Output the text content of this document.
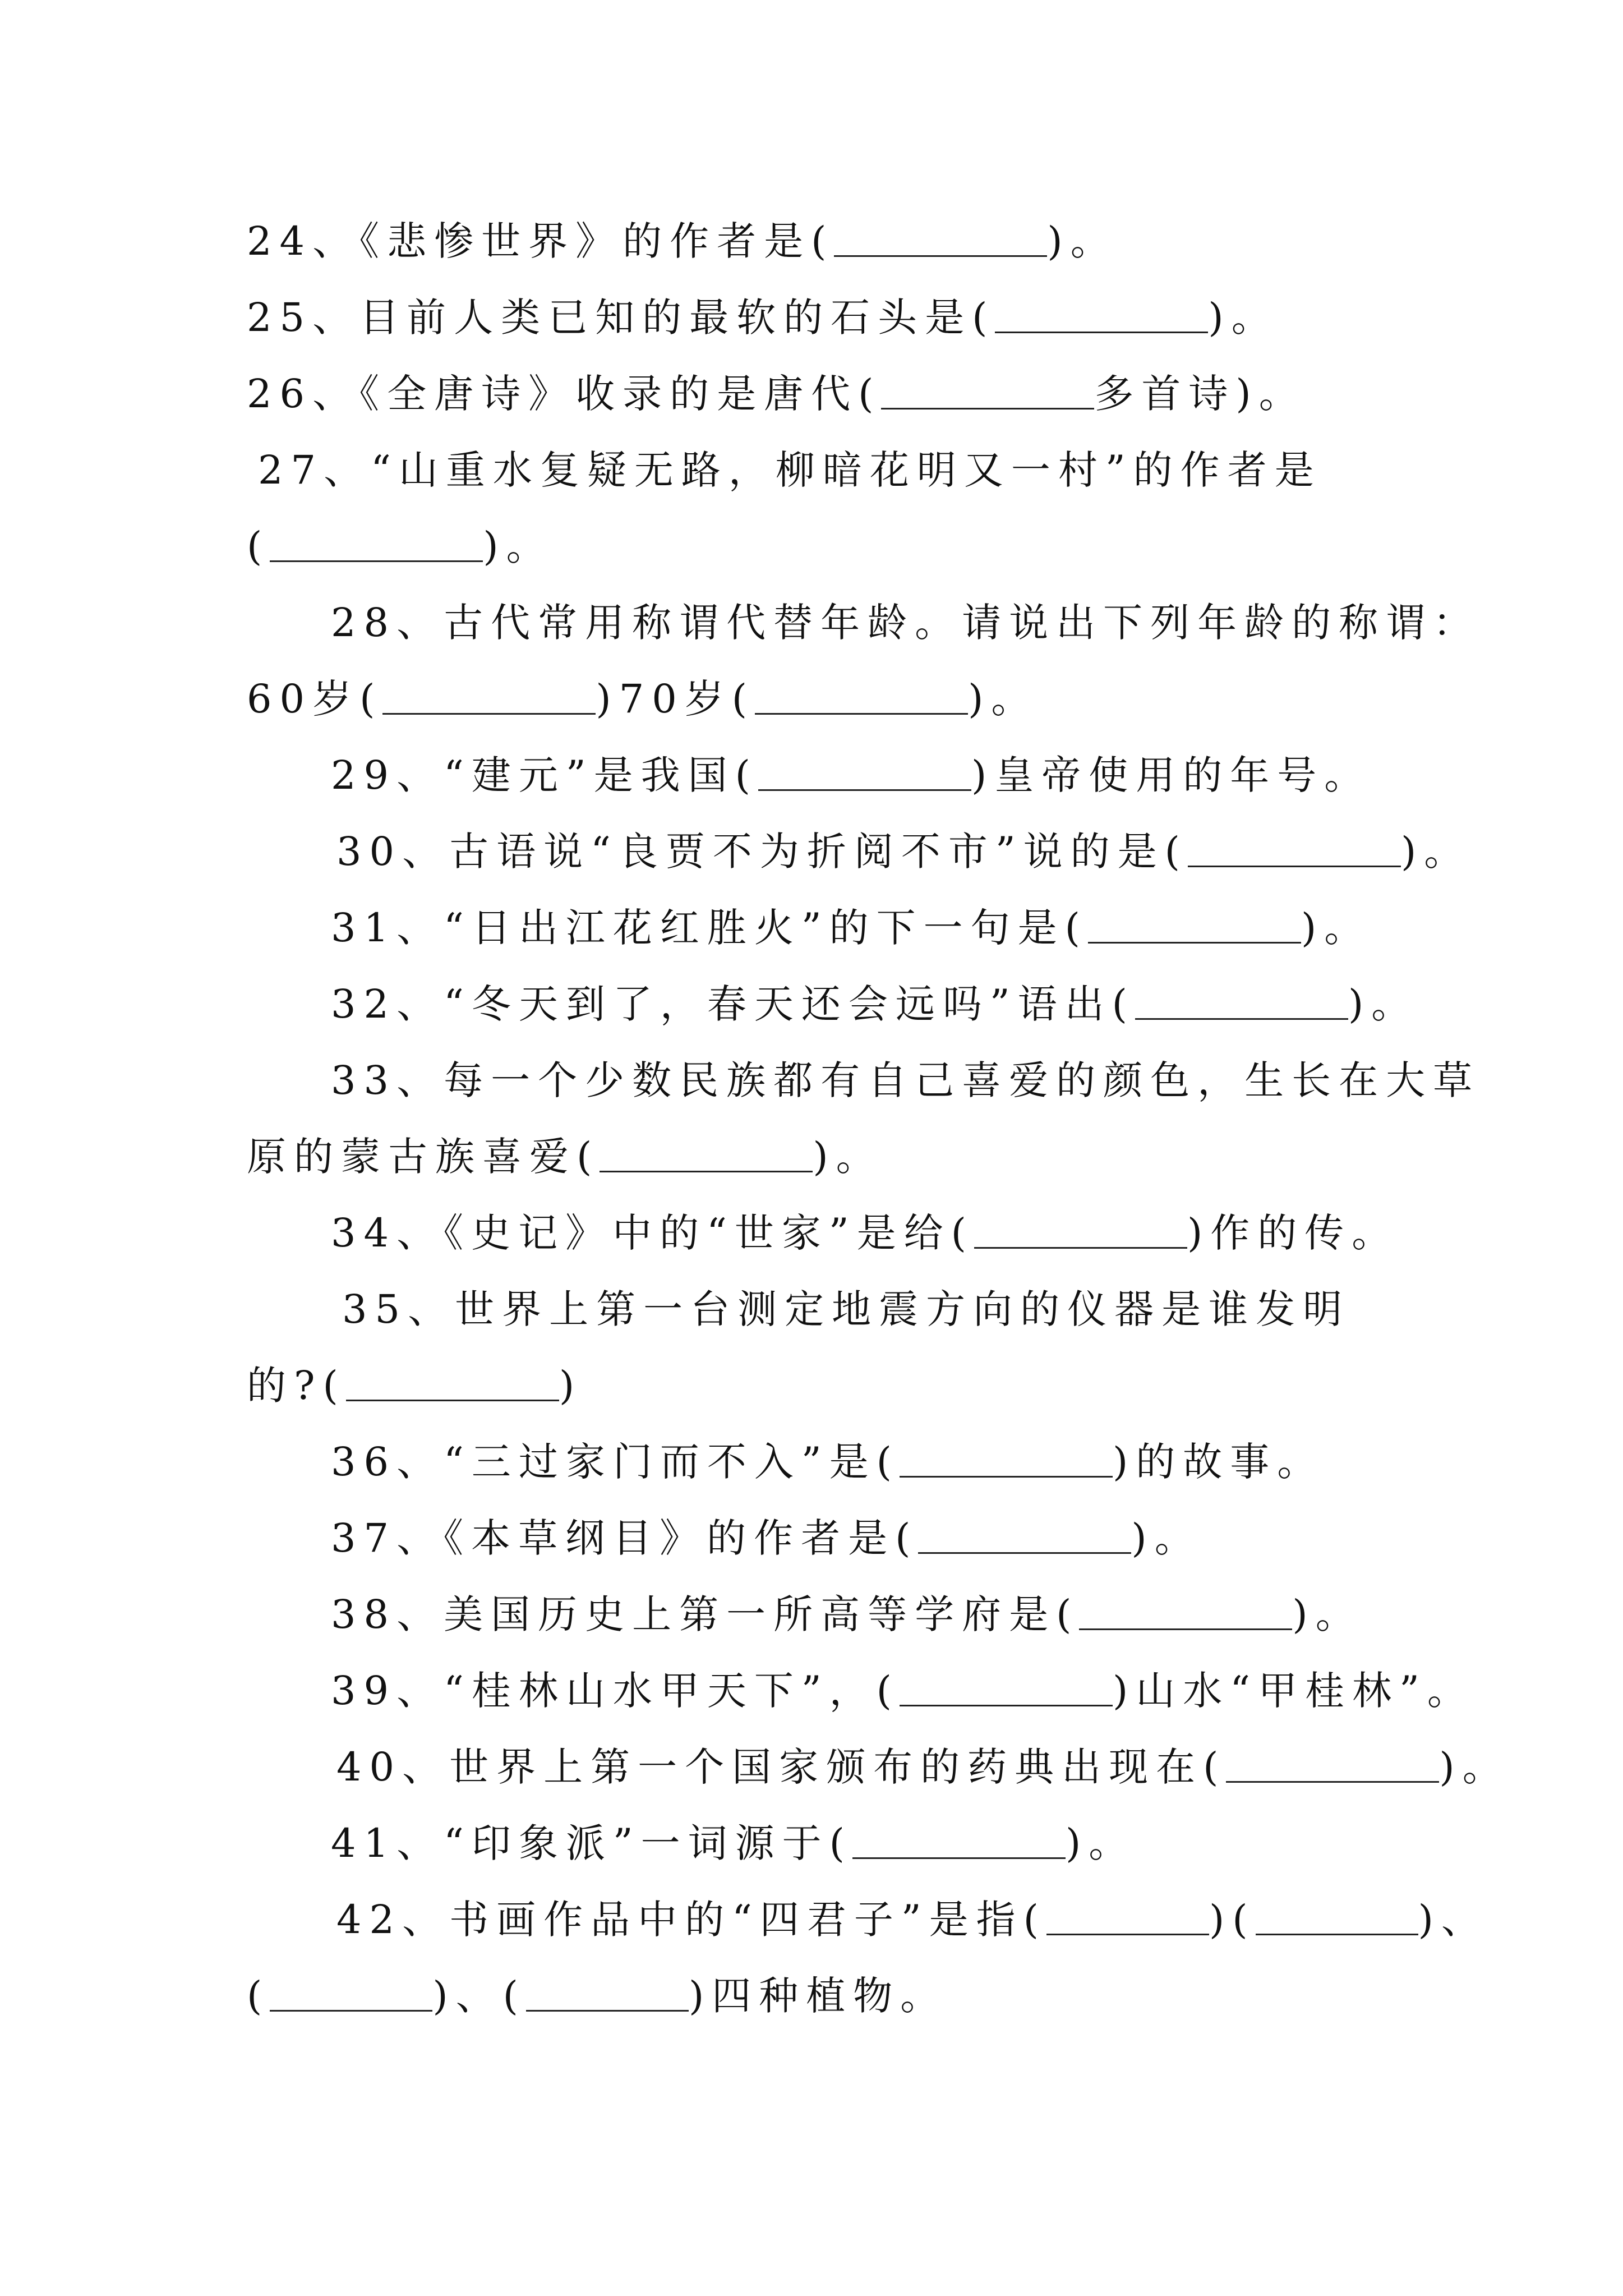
24、《悲惨世界》的作者是(	)。
25、目前人类已知的最软的石头是(	)。
26、《全唐诗》收录的是唐代(	多首诗)。
27、“山重水复疑无路，柳暗花明又一村”的作者是
(	)。
28、古代常用称谓代替年龄。请说出下列年龄的称谓：
60岁(	)70岁(	)。
29、“建元”是我国(	)皇帝使用的年号。
30、古语说“良贾不为折阅不市”说的是(	)。
31、“日出江花红胜火”的下一句是(	)。
32、“冬天到了，春天还会远吗”语出(	)。
33、每一个少数民族都有自己喜爱的颜色，生长在大草
原的蒙古族喜爱(	)。
34、《史记》中的“世家”是给(	)作的传。
35、世界上第一台测定地震方向的仪器是谁发明
的?(	)
36、“三过家门而不入”是(	)的故事。
37、《本草纲目》的作者是(	)。
38、美国历史上第一所高等学府是(	)。
39、“桂林山水甲天下”，(	)山水“甲桂林”。
40、世界上第一个国家颁布的药典出现在(	)。
41、“印象派”一词源于(	)。
42、书画作品中的“四君子”是指(	)(	)、
(	)、(	)四种植物。
